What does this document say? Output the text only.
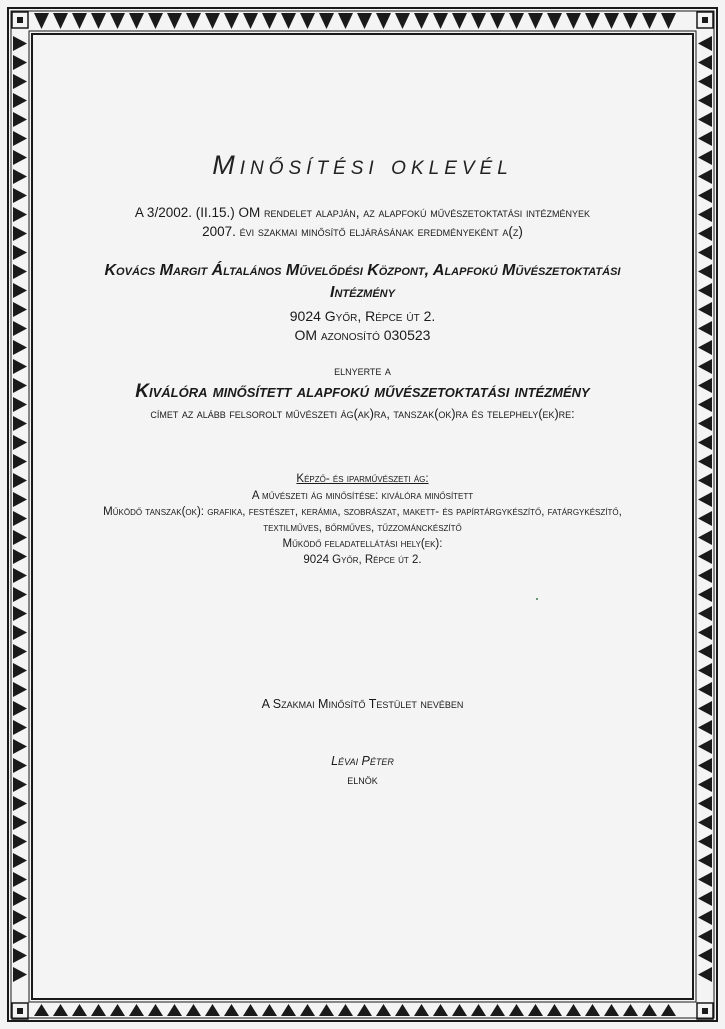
Minősítési oklevél
A 3/2002. (II.15.) OM rendelet alapján, az alapfokú művészetoktatási intézmények
2007. évi szakmai minősítő eljárásának eredményeként a(z)
Kovács Margit Általános Művelődési Központ, Alapfokú Művészetoktatási
Intézmény
9024 Győr, Répce út 2.
OM azonosító 030523
elnyerte a
Kiválóra minősített alapfokú művészetoktatási intézmény
címet az alább felsorolt művészeti ág(ak)ra, tanszak(ok)ra és telephely(ek)re:
Képző- és iparművészeti ág:
A művészeti ág minősítése: kiválóra minősített
Működő tanszak(ok): grafika, festészet, kerámia, szobrászat, makett- és papírtárgykészítő, fatárgykészítő,
textilműves, bőrműves, tűzzománckészítő
Működő feladatellátási hely(ek):
9024 Győr, Répce út 2.
A Szakmai Minősítő Testület nevében
Lévai Péter
elnök
